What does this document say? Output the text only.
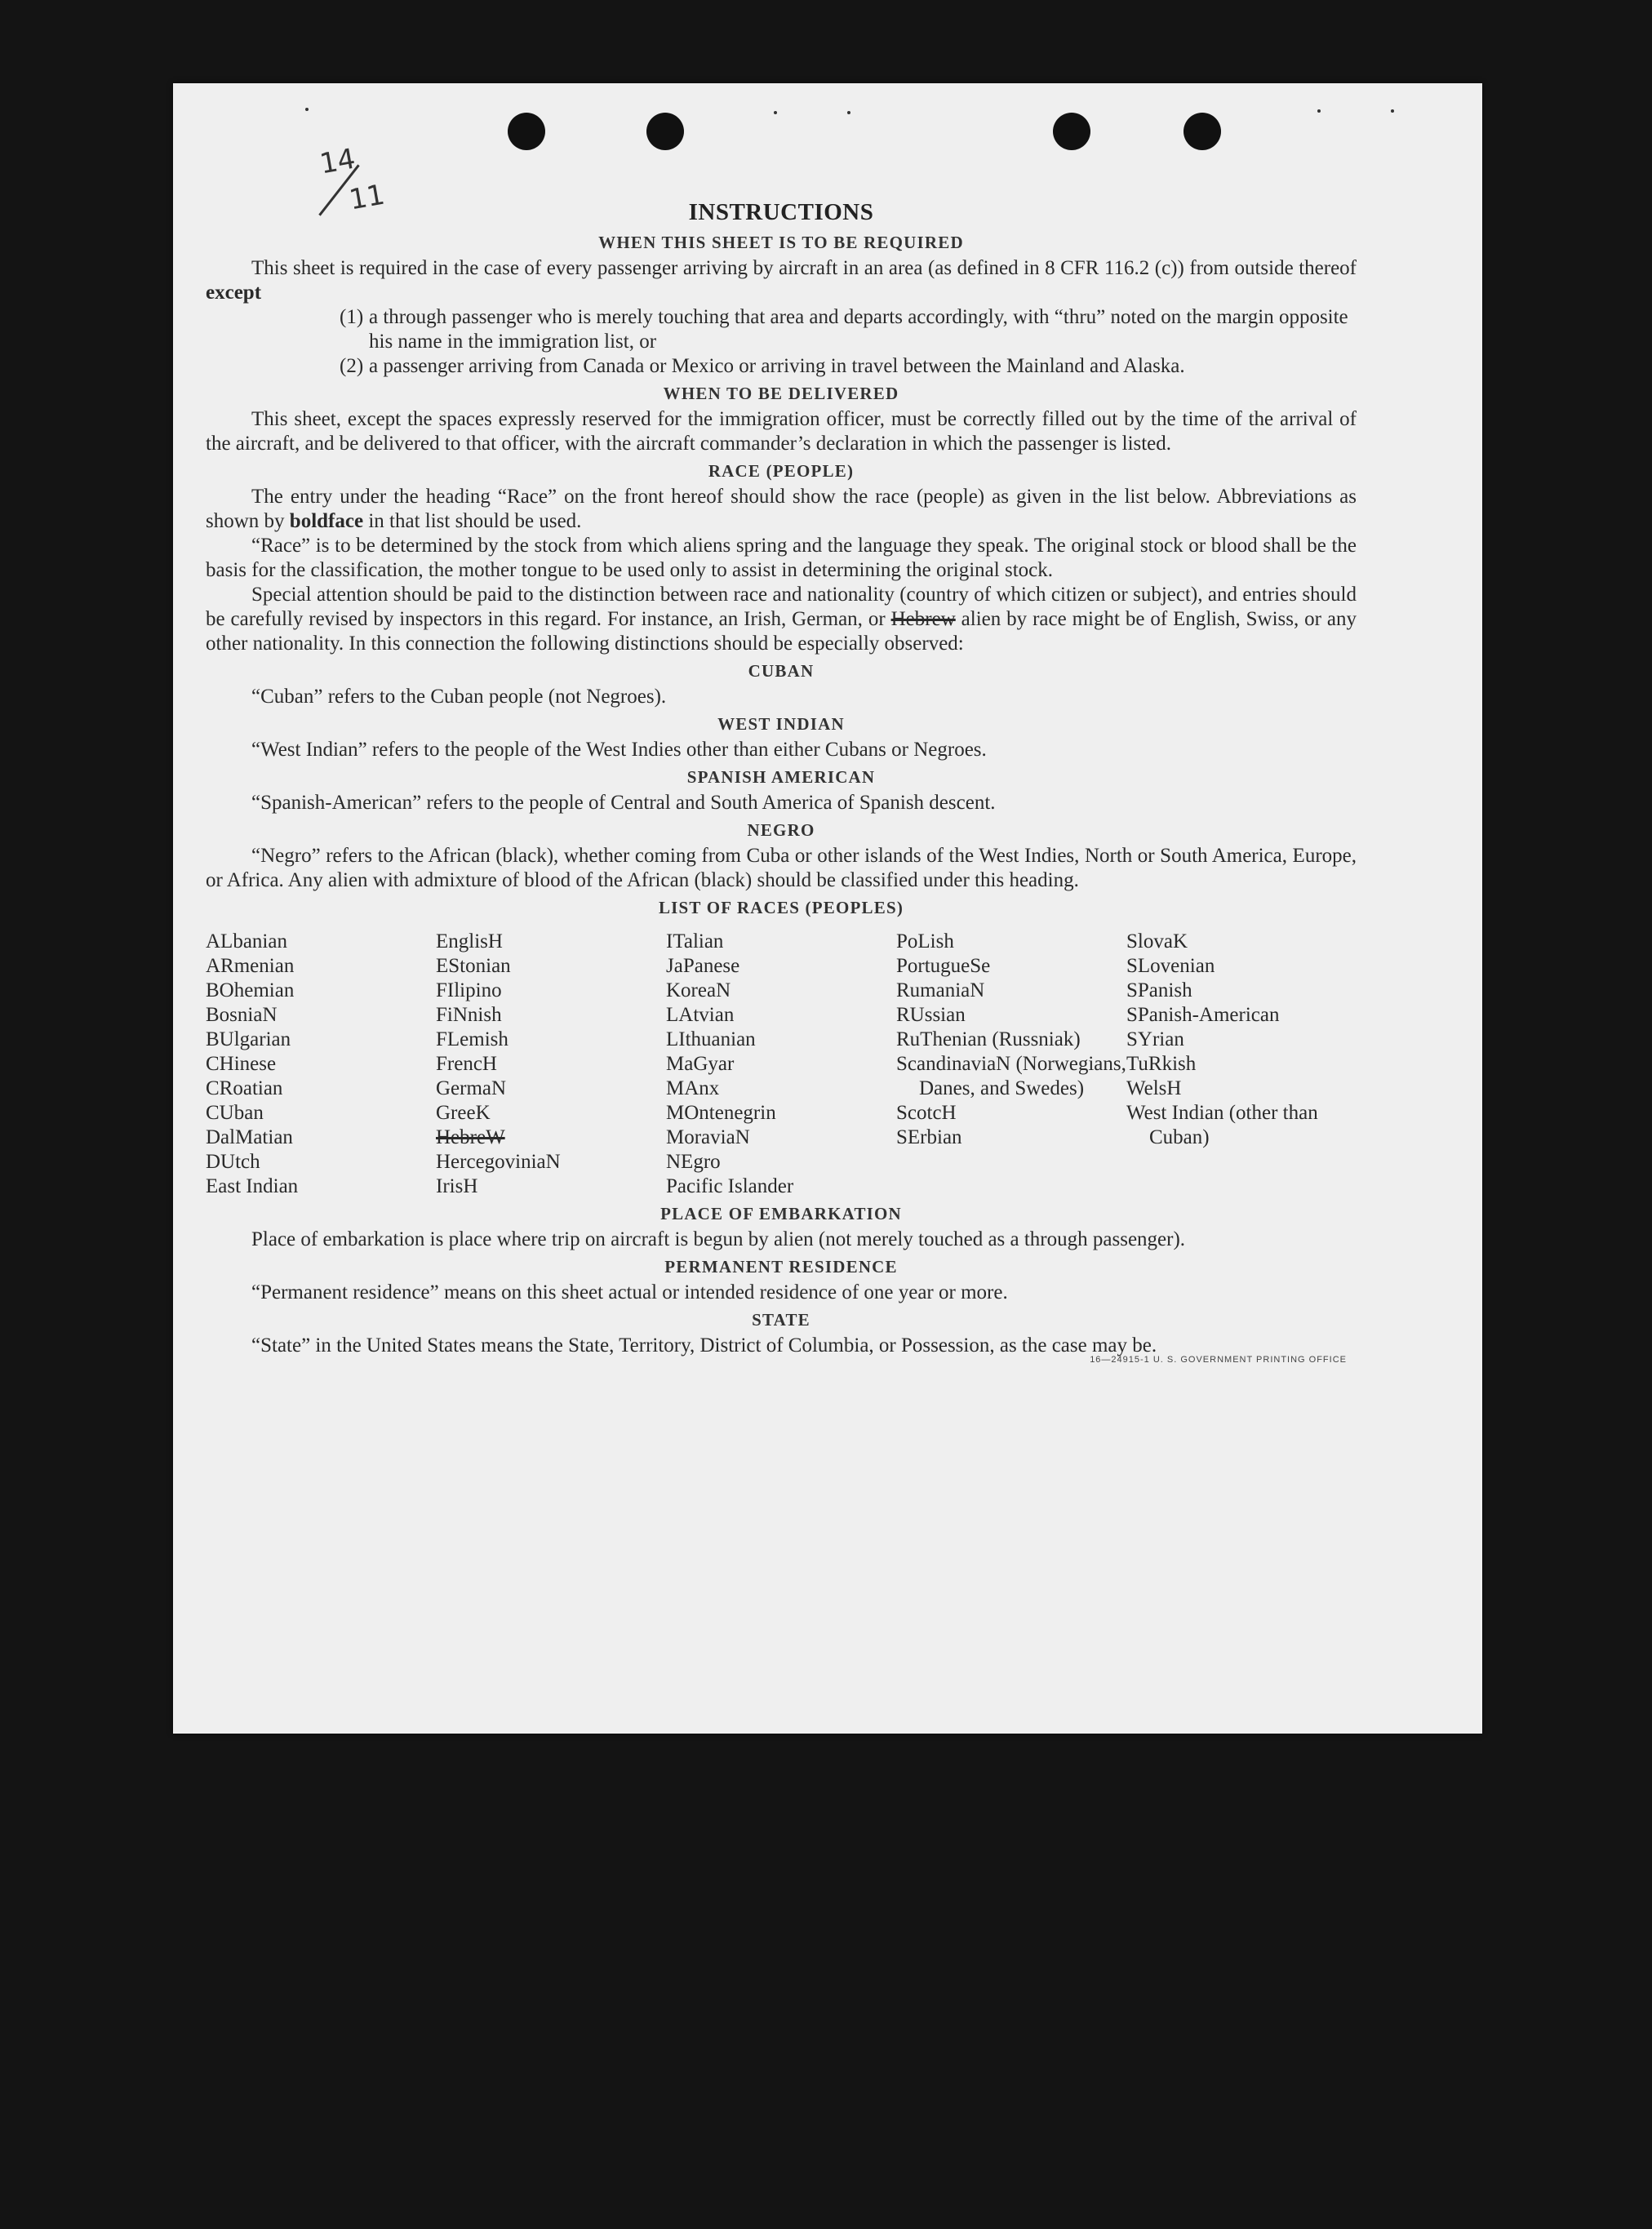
14
11	INSTRUCTIONS
WHEN THIS SHEET IS TO BE REQUIRED

This sheet is required in the case of every passenger arriving by aircraft in an area (as defined in 8 CFR 116.2 (c)) from outside thereof except

(1) a through passenger who is merely touching that area and departs accordingly, with “thru” noted on the margin opposite his name in the immigration list, or

(2) a passenger arriving from Canada or Mexico or arriving in travel between the Mainland and Alaska.

WHEN TO BE DELIVERED

This sheet, except the spaces expressly reserved for the immigration officer, must be correctly filled out by the time of the arrival of the aircraft, and be delivered to that officer, with the aircraft commander’s declaration in which the passenger is listed.

RACE (PEOPLE)

The entry under the heading “Race” on the front hereof should show the race (people) as given in the list below. Abbreviations as shown by boldface in that list should be used.

“Race” is to be determined by the stock from which aliens spring and the language they speak. The original stock or blood shall be the basis for the classification, the mother tongue to be used only to assist in determining the original stock.

Special attention should be paid to the distinction between race and nationality (country of which citizen or subject), and entries should be carefully revised by inspectors in this regard. For instance, an Irish, German, or Hebrew alien by race might be of English, Swiss, or any other nationality. In this connection the following distinctions should be especially observed:

CUBAN

“Cuban” refers to the Cuban people (not Negroes).

WEST INDIAN

“West Indian” refers to the people of the West Indies other than either Cubans or Negroes.

SPANISH AMERICAN

“Spanish-American” refers to the people of Central and South America of Spanish descent.

NEGRO

“Negro” refers to the African (black), whether coming from Cuba or other islands of the West Indies, North or South America, Europe, or Africa. Any alien with admixture of blood of the African (black) should be classified under this heading.

LIST OF RACES (PEOPLES)

ALbanian

ARmenian

BOhemian

BosniaN

BUlgarian

CHinese

CRoatian

CUban

DalMatian

DUtch

East Indian

EnglisH

EStonian

FIlipino

FiNnish

FLemish

FrencH

GermaN

GreeK

HebreW

HercegoviniaN

IrisH

ITalian

JaPanese

KoreaN

LAtvian

LIthuanian

MaGyar

MAnx

MOntenegrin

MoraviaN

NEgro

Pacific Islander

PoLish

PortugueSe

RumaniaN

RUssian

RuThenian (Russniak)

ScandinaviaN (Norwegians, Danes, and Swedes)

ScotcH

SErbian

SlovaK

SLovenian

SPanish

SPanish-American

SYrian

TuRkish

WelsH

West Indian (other than Cuban)

PLACE OF EMBARKATION

Place of embarkation is place where trip on aircraft is begun by alien (not merely touched as a through passenger).

PERMANENT RESIDENCE

“Permanent residence” means on this sheet actual or intended residence of one year or more.

STATE

“State” in the United States means the State, Territory, District of Columbia, or Possession, as the case may be.

16—24915-1 U. S. GOVERNMENT PRINTING OFFICE
